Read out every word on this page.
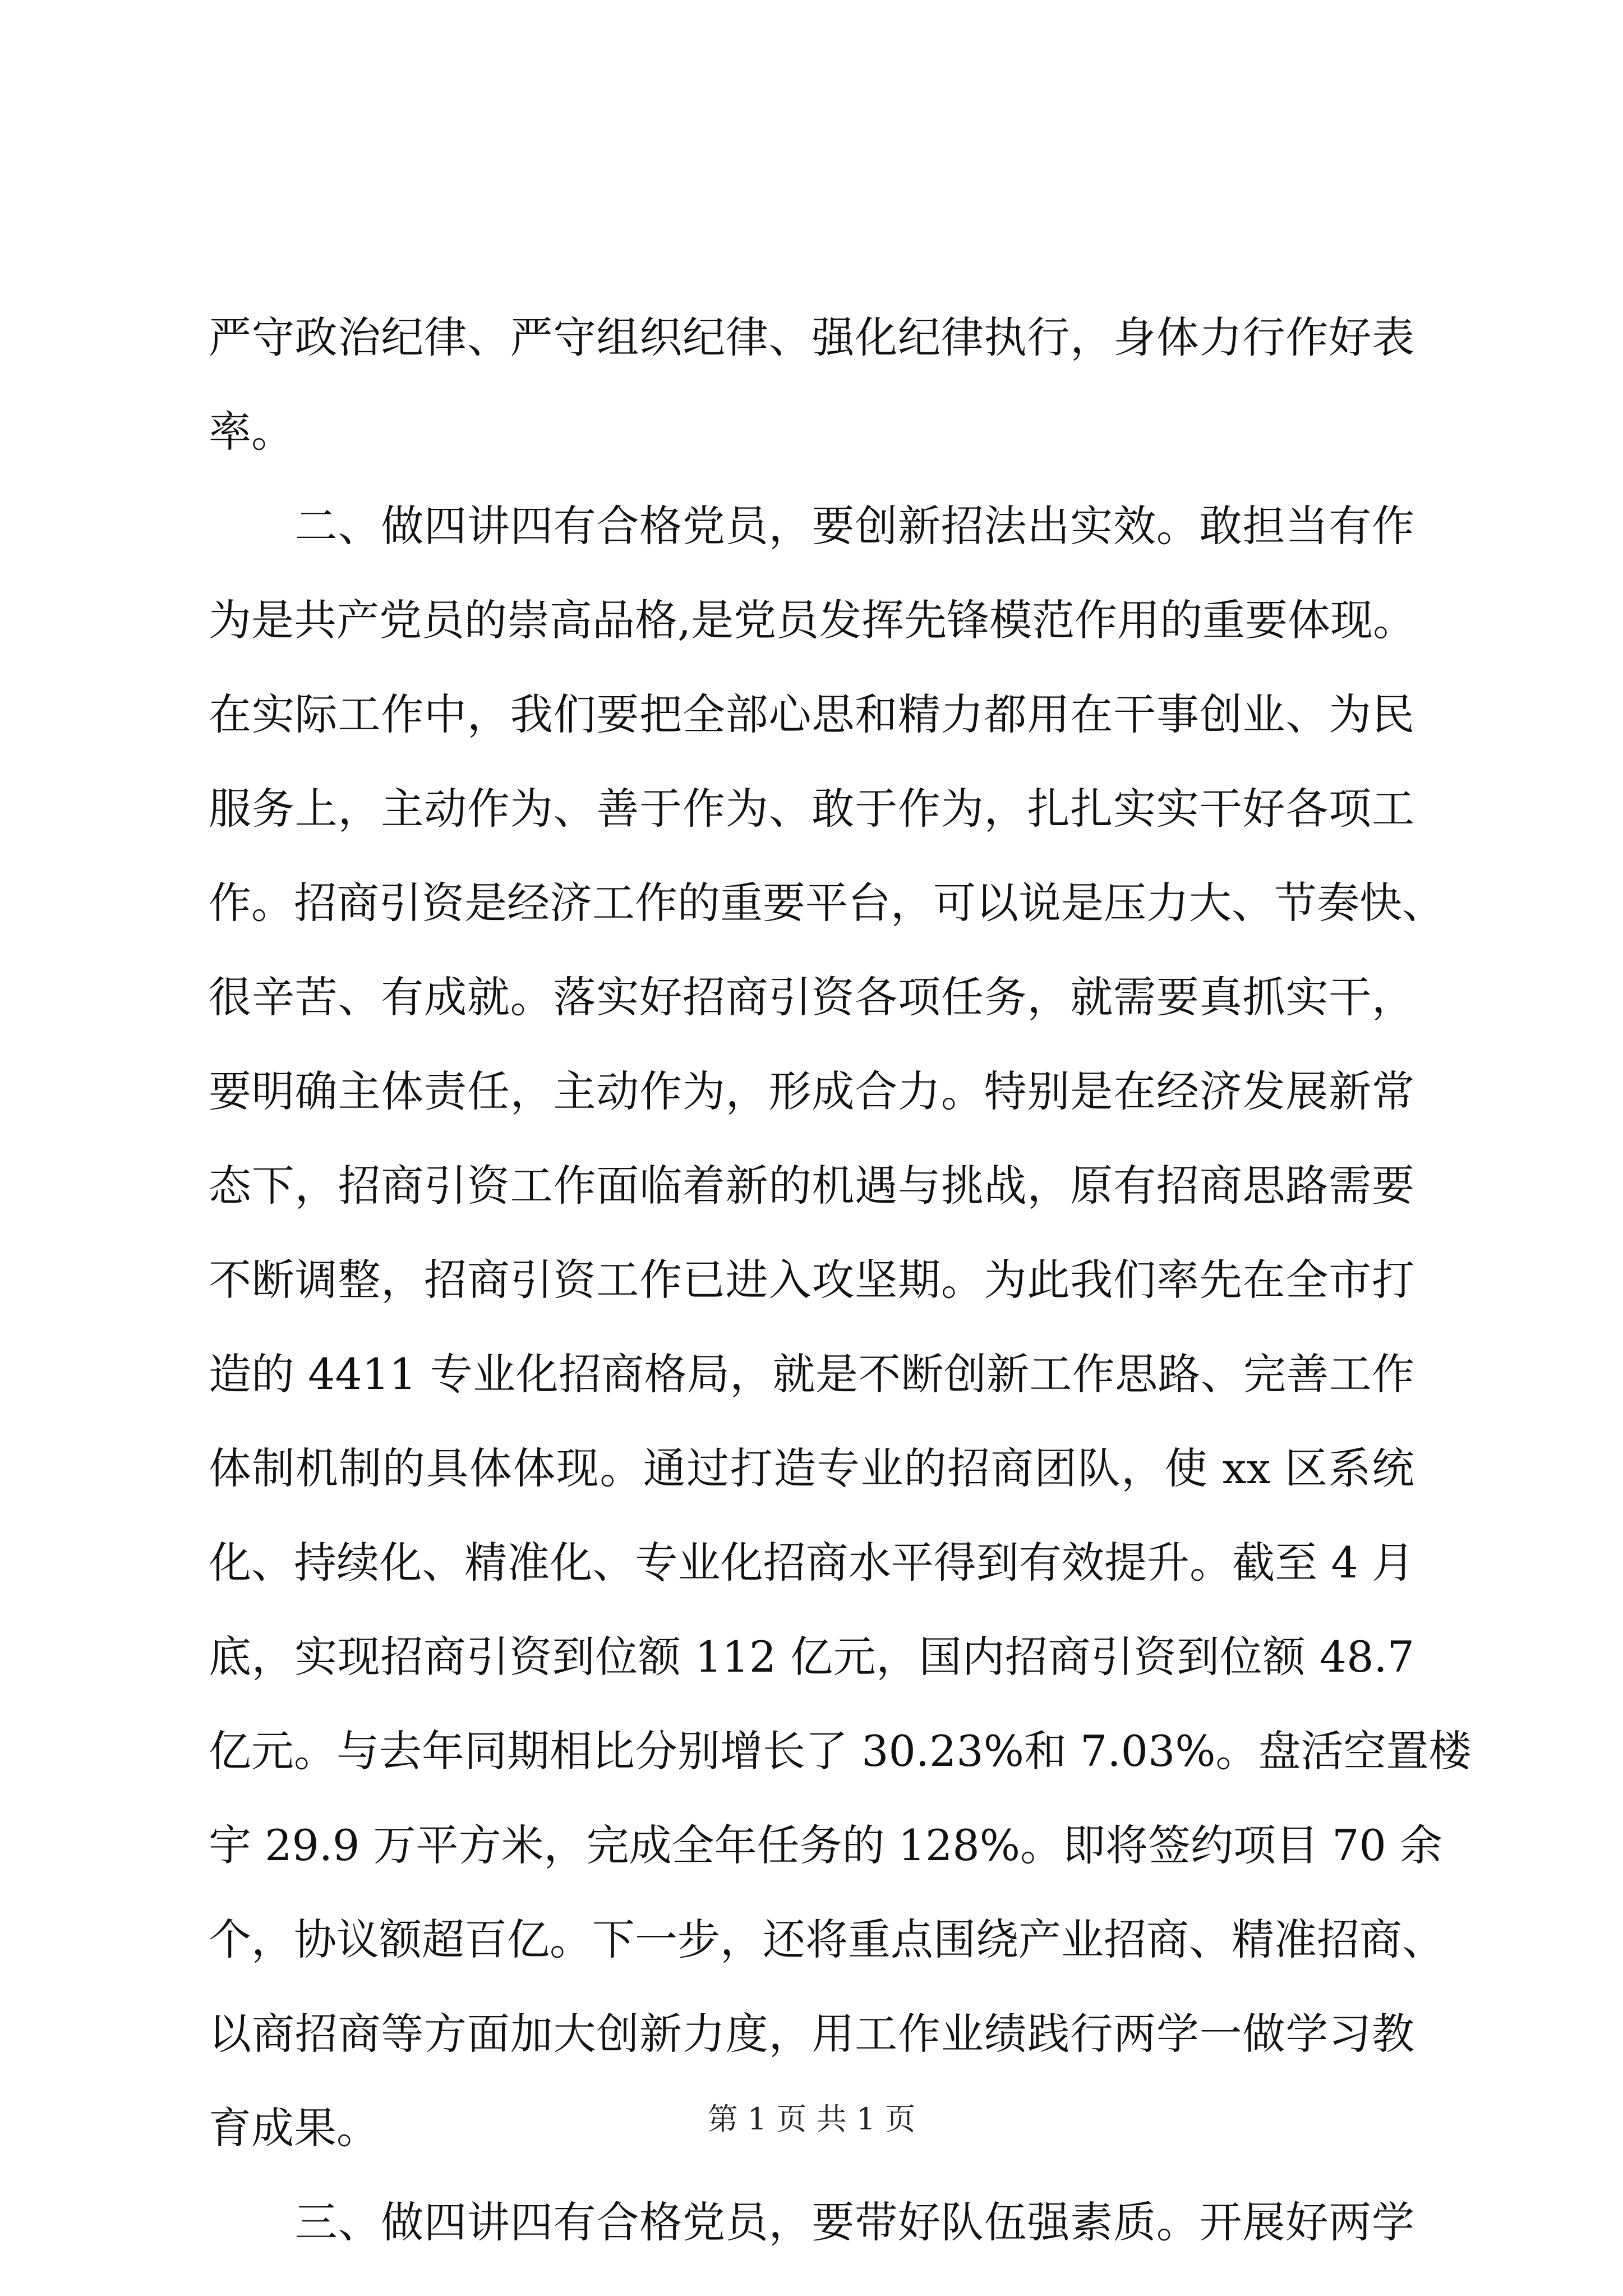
严守政治纪律、严守组织纪律、强化纪律执行，身体力行作好表
率。
　　二、做四讲四有合格党员，要创新招法出实效。敢担当有作
为是共产党员的崇高品格,是党员发挥先锋模范作用的重要体现。
在实际工作中，我们要把全部心思和精力都用在干事创业、为民
服务上，主动作为、善于作为、敢于作为，扎扎实实干好各项工
作。招商引资是经济工作的重要平台，可以说是压力大、节奏快、
很辛苦、有成就。落实好招商引资各项任务，就需要真抓实干，
要明确主体责任，主动作为，形成合力。特别是在经济发展新常
态下，招商引资工作面临着新的机遇与挑战，原有招商思路需要
不断调整，招商引资工作已进入攻坚期。为此我们率先在全市打
造的 4411 专业化招商格局，就是不断创新工作思路、完善工作
体制机制的具体体现。通过打造专业的招商团队，使 xx 区系统
化、持续化、精准化、专业化招商水平得到有效提升。截至 4 月
底，实现招商引资到位额 112 亿元，国内招商引资到位额 48.7
亿元。与去年同期相比分别增长了 30.23%和 7.03%。盘活空置楼
宇 29.9 万平方米，完成全年任务的 128%。即将签约项目 70 余
个，协议额超百亿。下一步，还将重点围绕产业招商、精准招商、
以商招商等方面加大创新力度，用工作业绩践行两学一做学习教
育成果。
　　三、做四讲四有合格党员，要带好队伍强素质。开展好两学
第 1 页 共 1 页
